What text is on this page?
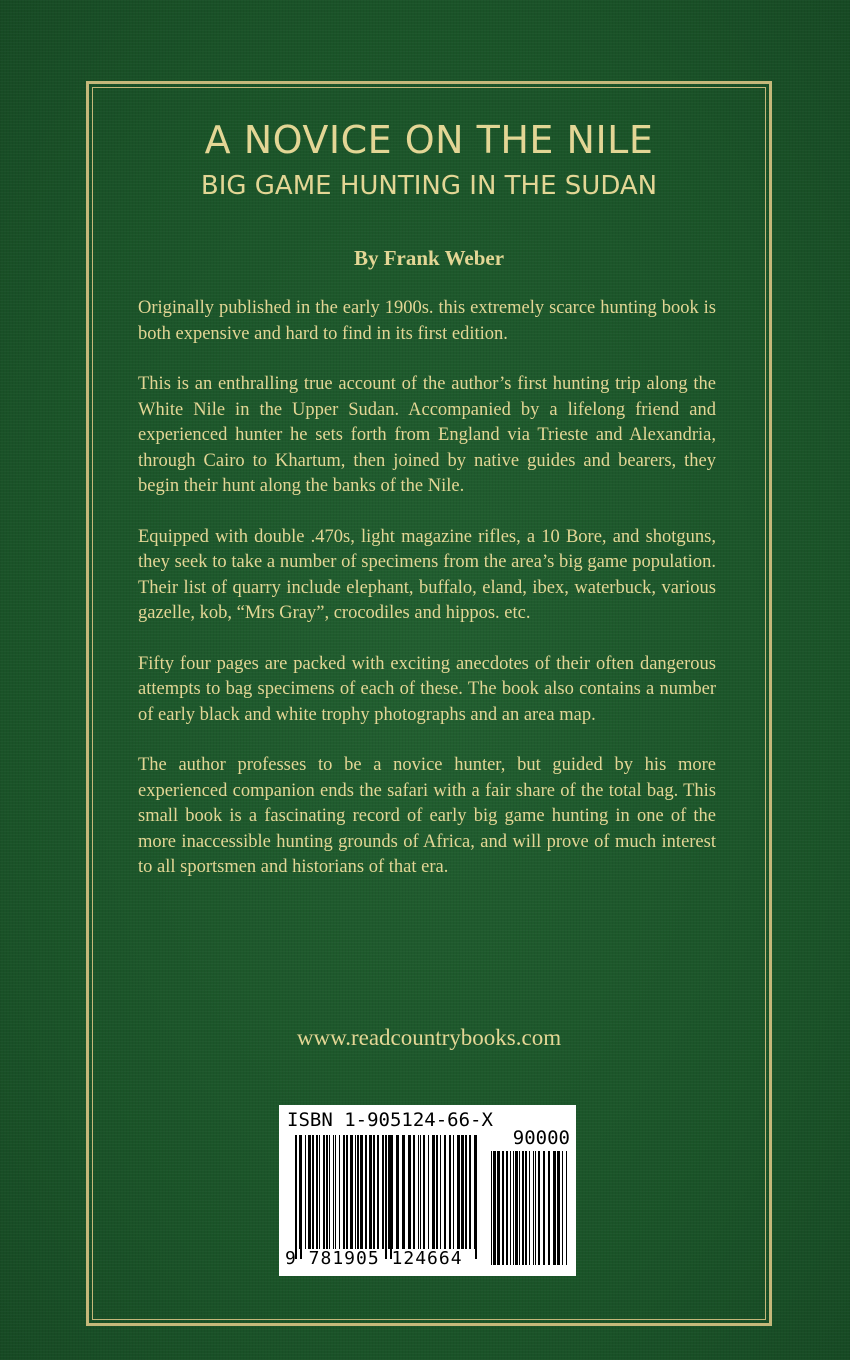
A NOVICE ON THE NILE
BIG GAME HUNTING IN THE SUDAN
By Frank Weber

Originally published in the early 1900s. this extremely scarce hunting book is both expensive and hard to find in its first edition.

This is an enthralling true account of the author’s first hunting trip along the White Nile in the Upper Sudan. Accompanied by a lifelong friend and experienced hunter he sets forth from England via Trieste and Alexandria, through Cairo to Khartum, then joined by native guides and bearers, they begin their hunt along the banks of the Nile.

Equipped with double .470s, light magazine rifles, a 10 Bore, and shotguns, they seek to take a number of specimens from the area’s big game population. Their list of quarry include elephant, buffalo, eland, ibex, waterbuck, various gazelle, kob, “Mrs Gray”, crocodiles and hippos. etc.

Fifty four pages are packed with exciting anecdotes of their often dangerous attempts to bag specimens of each of these. The book also contains a number of early black and white trophy photographs and an area map.

The author professes to be a novice hunter, but guided by his more experienced companion ends the safari with a fair share of the total bag. This small book is a fascinating record of early big game hunting in one of the more inaccessible hunting grounds of Africa, and will prove of much interest to all sportsmen and historians of that era.

www.readcountrybooks.com
ISBN 1-905124-66-X
90000
9 781905 124664
